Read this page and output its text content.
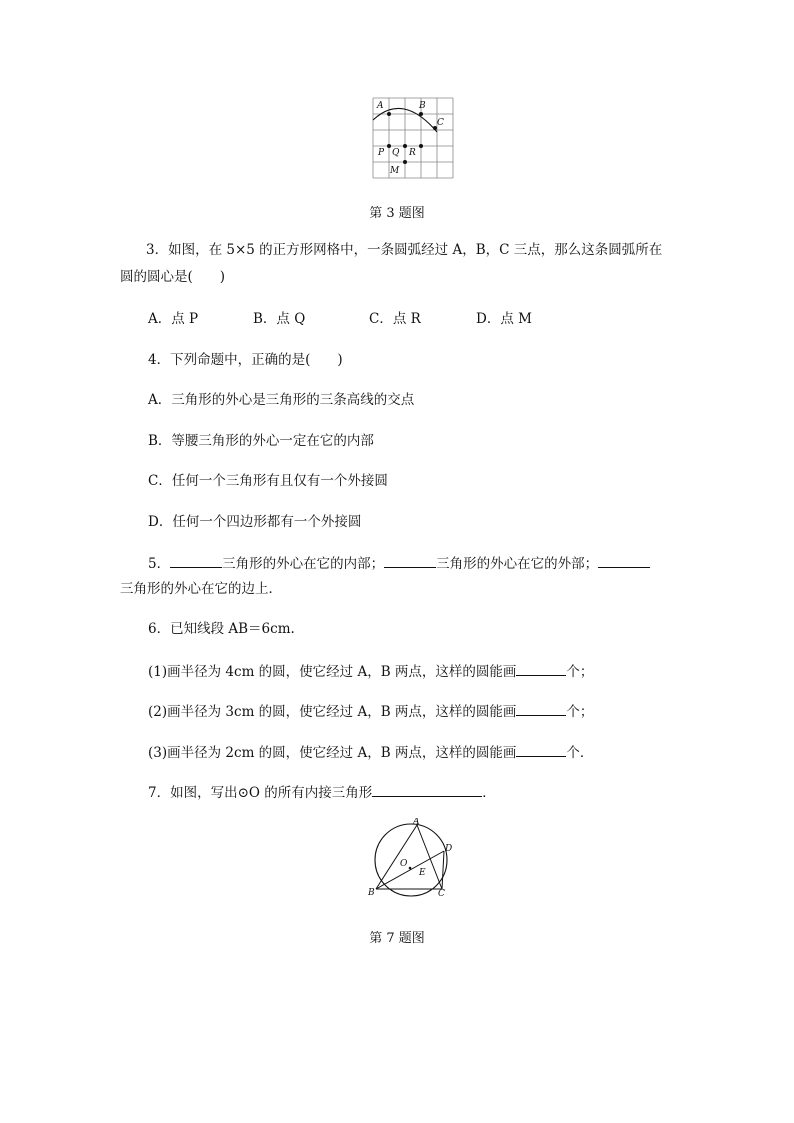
A	B
C
P Q R
M
第 3 题图
3．如图，在 5×5 的正方形网格中，一条圆弧经过 A，B，C 三点，那么这条圆弧所在
圆的圆心是(　　)
A．点 P	B．点 Q	C．点 R	D．点 M
4．下列命题中，正确的是(　　)
A．三角形的外心是三角形的三条高线的交点
B．等腰三角形的外心一定在它的内部
C．任何一个三角形有且仅有一个外接圆
D．任何一个四边形都有一个外接圆
5．	三角形的外心在它的内部；	三角形的外心在它的外部；
三角形的外心在它的边上．
6．已知线段 AB＝6cm.
(1)画半径为 4cm 的圆，使它经过 A，B 两点，这样的圆能画	个；
(2)画半径为 3cm 的圆，使它经过 A，B 两点，这样的圆能画	个；
(3)画半径为 2cm 的圆，使它经过 A，B 两点，这样的圆能画	个．
7．如图，写出⊙O 的所有内接三角形	．
A
B	C
D
E
O
第 7 题图
